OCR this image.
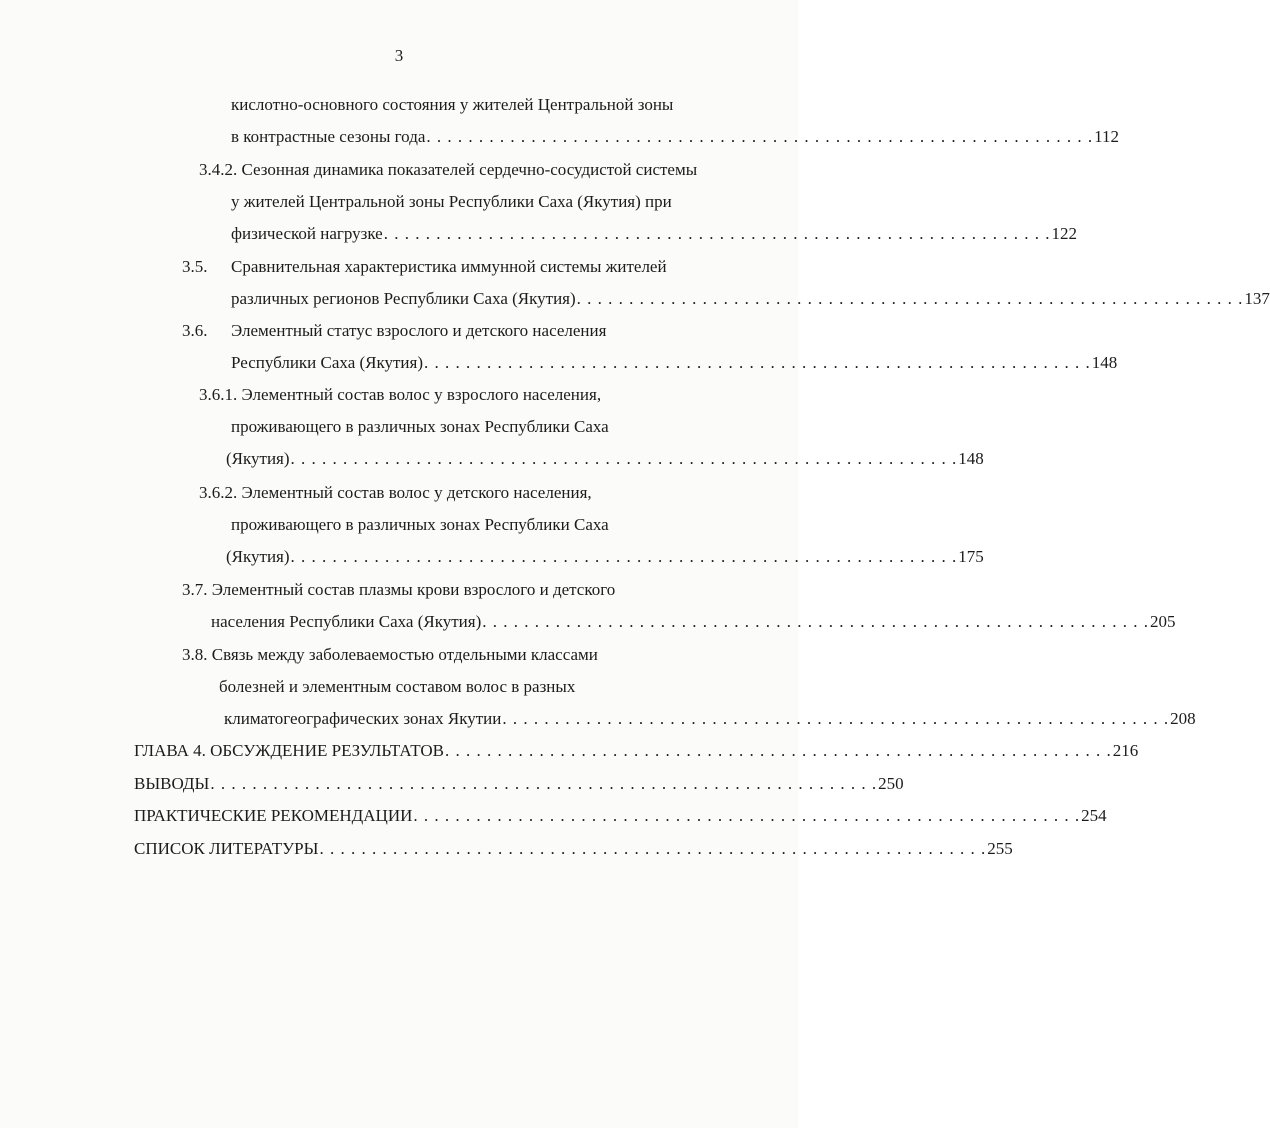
3
кислотно-основного состояния у жителей Центральной зоны
в контрастные сезоны года . . . . . . . . . . . . . . . . . . . . . . . . . . . . . . . . . . . . . . . . . . . . . . . . . . . . . . . . . . . . . . . . 112
3.4.2. Сезонная динамика показателей сердечно-сосудистой системы
у жителей Центральной зоны Республики Саха (Якутия) при
физической нагрузке . . . . . . . . . . . . . . . . . . . . . . . . . . . . . . . . . . . . . . . . . . . . . . . . . . . . . . . . . . . . . . . . 122
3.5. Сравнительная характеристика иммунной системы жителей
различных регионов Республики Саха (Якутия) . . . . . . . . . . . . . . . . . . . . . . . . . . . . . . . . . . . . . . . . . . . . . . . . . . . . . . . . . . . . . . . . 137
3.6. Элементный статус взрослого и детского населения
Республики Саха (Якутия) . . . . . . . . . . . . . . . . . . . . . . . . . . . . . . . . . . . . . . . . . . . . . . . . . . . . . . . . . . . . . . . . 148
3.6.1. Элементный состав волос у взрослого населения,
проживающего в различных зонах Республики Саха
(Якутия) . . . . . . . . . . . . . . . . . . . . . . . . . . . . . . . . . . . . . . . . . . . . . . . . . . . . . . . . . . . . . . . . 148
3.6.2. Элементный состав волос у детского населения,
проживающего в различных зонах Республики Саха
(Якутия) . . . . . . . . . . . . . . . . . . . . . . . . . . . . . . . . . . . . . . . . . . . . . . . . . . . . . . . . . . . . . . . . 175
3.7. Элементный состав плазмы крови взрослого и детского
населения Республики Саха (Якутия) . . . . . . . . . . . . . . . . . . . . . . . . . . . . . . . . . . . . . . . . . . . . . . . . . . . . . . . . . . . . . . . . 205
3.8. Связь между заболеваемостью отдельными классами
болезней и элементным составом волос в разных
климатогеографических зонах Якутии . . . . . . . . . . . . . . . . . . . . . . . . . . . . . . . . . . . . . . . . . . . . . . . . . . . . . . . . . . . . . . . . 208
ГЛАВА 4. ОБСУЖДЕНИЕ РЕЗУЛЬТАТОВ . . . . . . . . . . . . . . . . . . . . . . . . . . . . . . . . . . . . . . . . . . . . . . . . . . . . . . . . . . . . . . . . 216
ВЫВОДЫ . . . . . . . . . . . . . . . . . . . . . . . . . . . . . . . . . . . . . . . . . . . . . . . . . . . . . . . . . . . . . . . . 250
ПРАКТИЧЕСКИЕ РЕКОМЕНДАЦИИ . . . . . . . . . . . . . . . . . . . . . . . . . . . . . . . . . . . . . . . . . . . . . . . . . . . . . . . . . . . . . . . . 254
СПИСОК ЛИТЕРАТУРЫ . . . . . . . . . . . . . . . . . . . . . . . . . . . . . . . . . . . . . . . . . . . . . . . . . . . . . . . . . . . . . . . . 255
